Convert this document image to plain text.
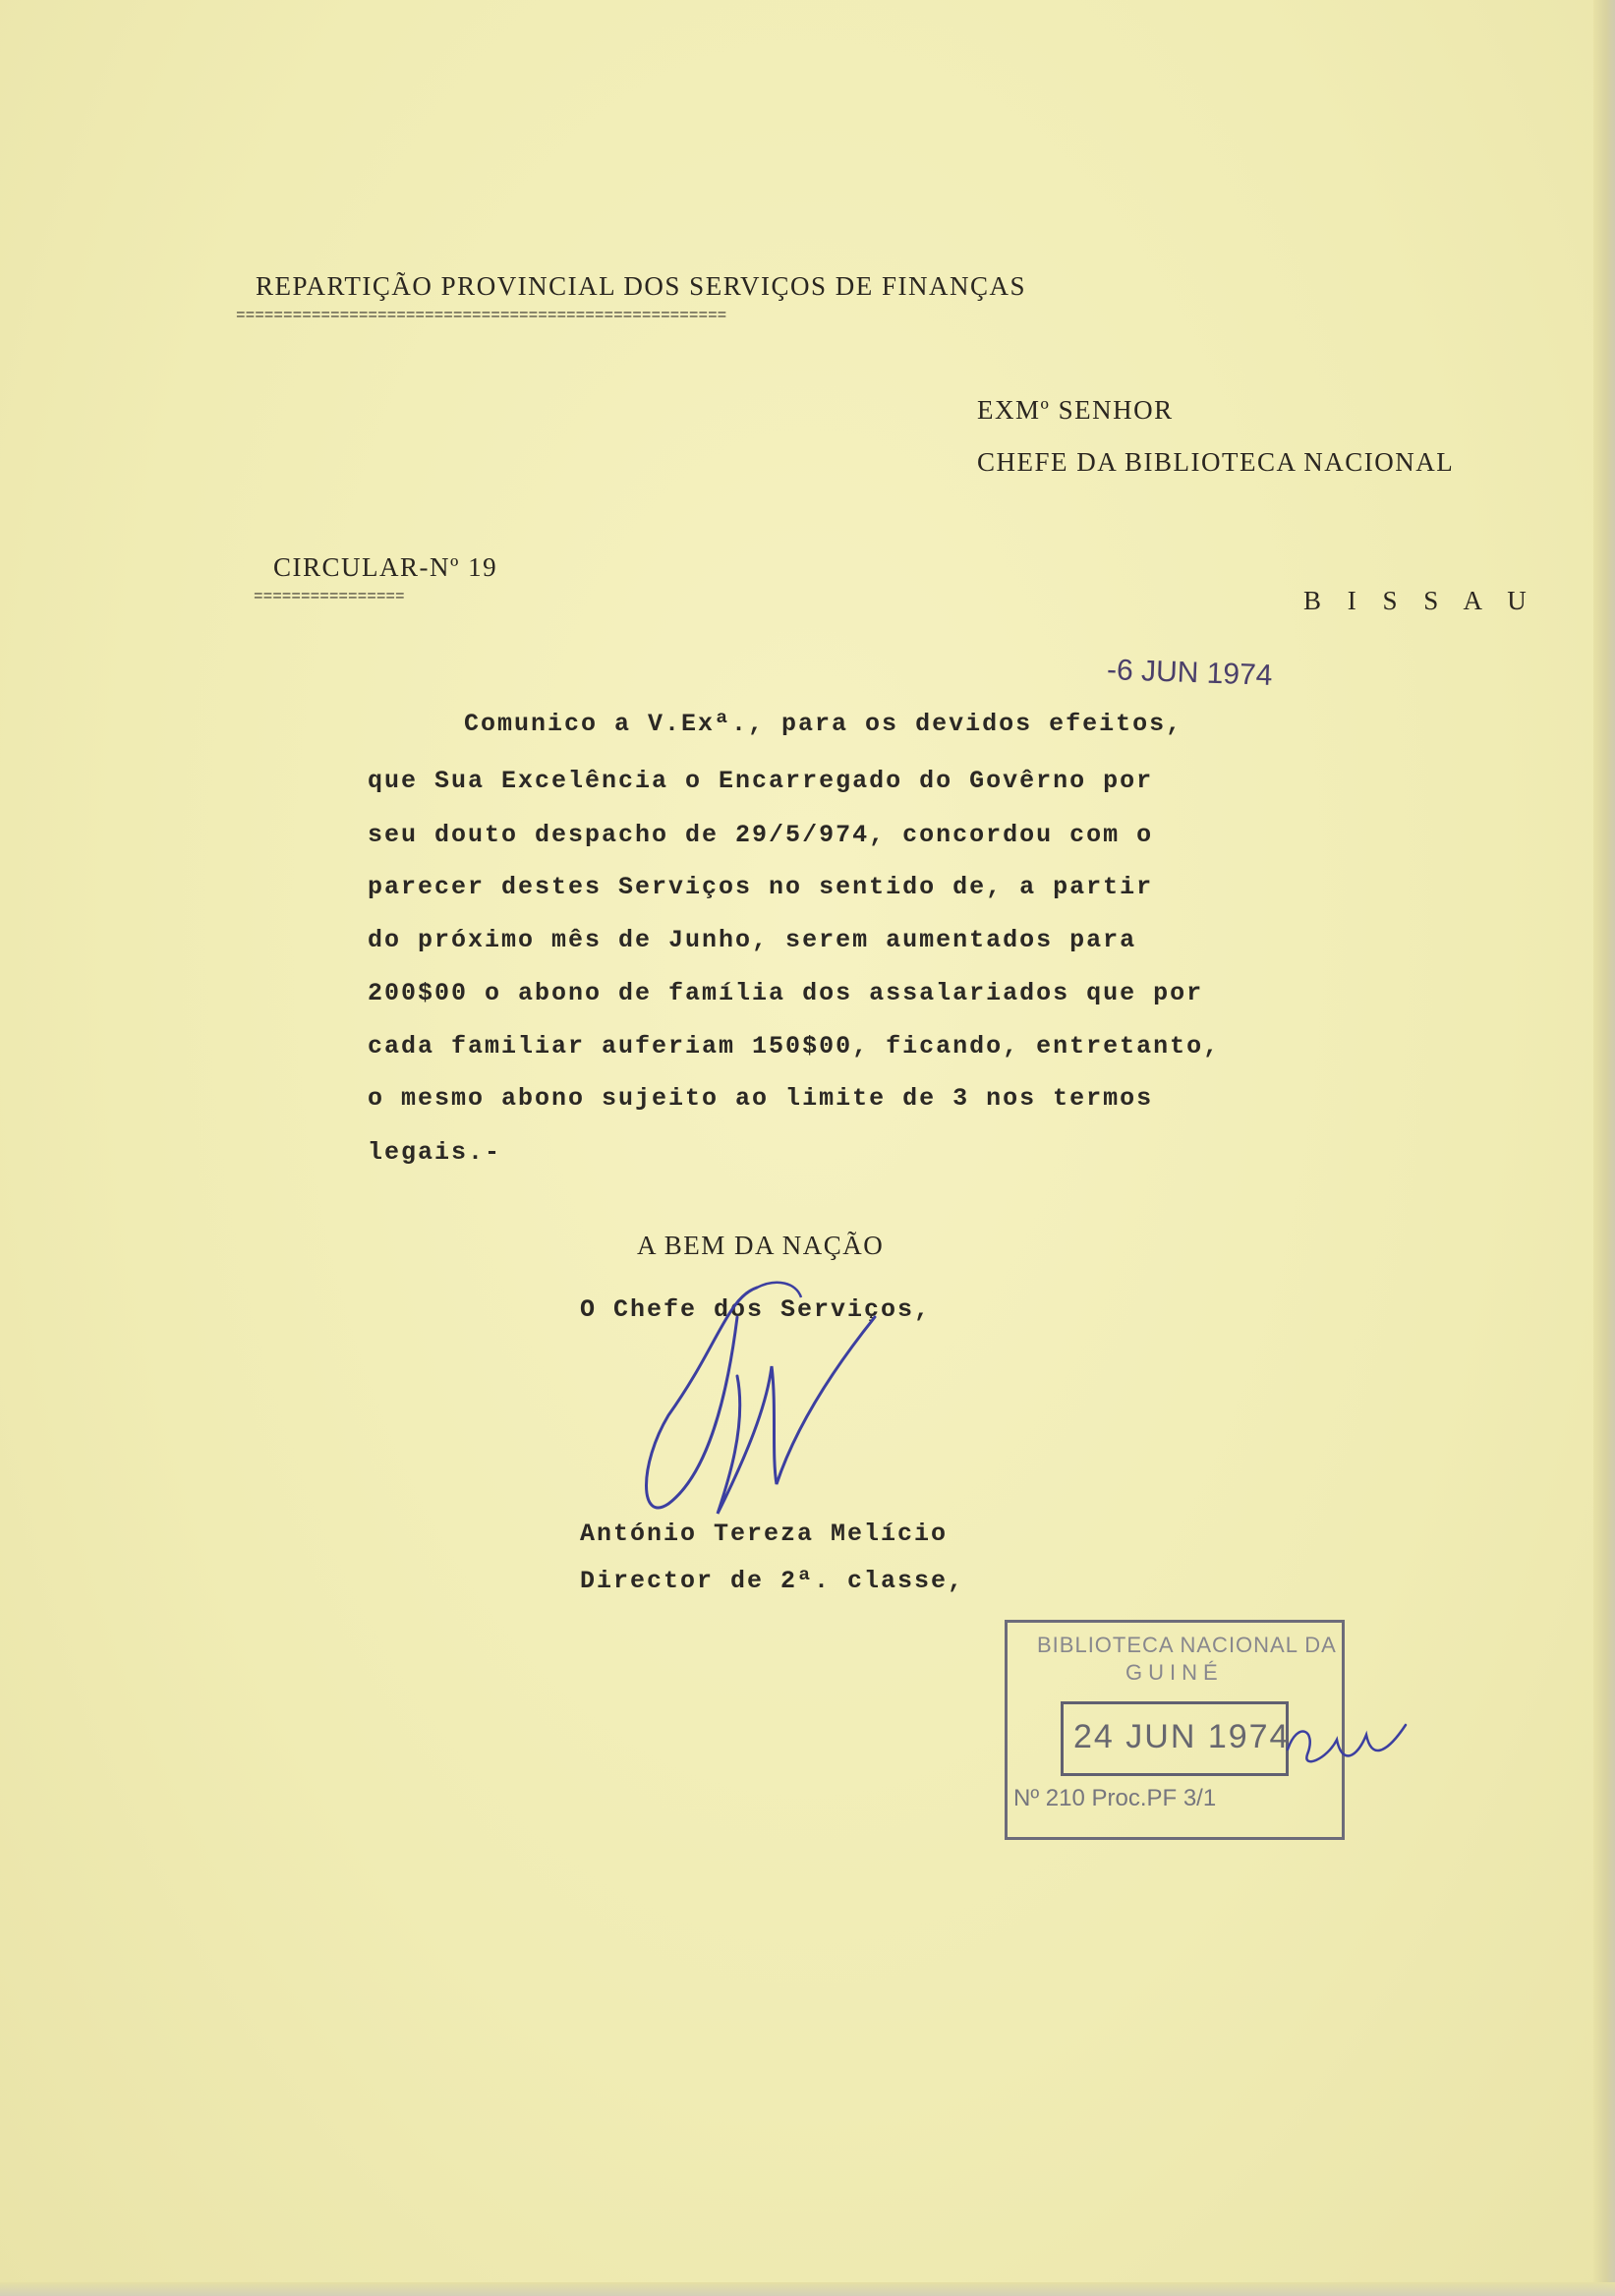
REPARTIÇÃO PROVINCIAL DOS SERVIÇOS DE FINANÇAS
====================================================
EXMº SENHOR
CHEFE DA BIBLIOTECA NACIONAL
CIRCULAR-Nº 19
================	B I S S A U
-6 JUN 1974
Comunico a V.Exª., para os devidos efeitos,
que Sua Excelência o Encarregado do Govêrno por
seu douto despacho de 29/5/974, concordou com o
parecer destes Serviços no sentido de, a partir
do próximo mês de Junho, serem aumentados para
200$00 o abono de família dos assalariados que por
cada familiar auferiam 150$00, ficando, entretanto,
o mesmo abono sujeito ao limite de 3 nos termos
legais.-
A BEM DA NAÇÃO
O Chefe dos Serviços,
António Tereza Melício
Director de 2ª. classe,
BIBLIOTECA NACIONAL DA
GUINÉ
24 JUN 1974
Nº 210 Proc.PF 3/1
